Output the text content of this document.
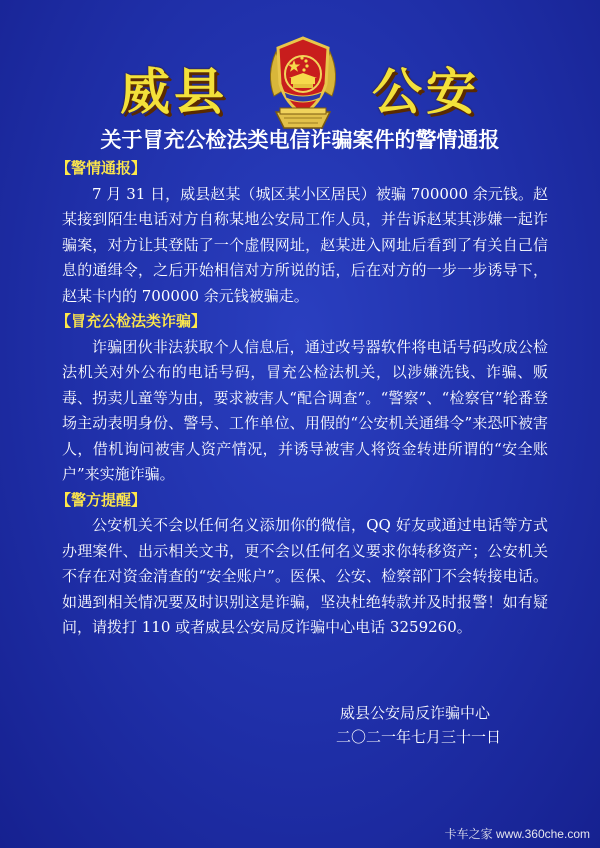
威县	公安
关于冒充公检法类电信诈骗案件的警情通报
【警情通报】

7 月 31 日，威县赵某（城区某小区居民）被骗 700000 余元钱。赵某接到陌生电话对方自称某地公安局工作人员，并告诉赵某其涉嫌一起诈骗案，对方让其登陆了一个虚假网址，赵某进入网址后看到了有关自己信息的通缉令，之后开始相信对方所说的话，后在对方的一步一步诱导下，赵某卡内的 700000 余元钱被骗走。

【冒充公检法类诈骗】

诈骗团伙非法获取个人信息后，通过改号器软件将电话号码改成公检法机关对外公布的电话号码，冒充公检法机关，以涉嫌洗钱、诈骗、贩毒、拐卖儿童等为由，要求被害人“配合调查”。“警察”、“检察官”轮番登场主动表明身份、警号、工作单位、用假的“公安机关通缉令”来恐吓被害人，借机询问被害人资产情况，并诱导被害人将资金转进所谓的“安全账户”来实施诈骗。

【警方提醒】

公安机关不会以任何名义添加你的微信，QQ 好友或通过电话等方式办理案件、出示相关文书，更不会以任何名义要求你转移资产；公安机关不存在对资金清查的“安全账户”。医保、公安、检察部门不会转接电话。如遇到相关情况要及时识别这是诈骗，坚决杜绝转款并及时报警！如有疑问，请拨打 110 或者威县公安局反诈骗中心电话 3259260。

威县公安局反诈骗中心
二〇二一年七月三十一日
卡车之家 www.360che.com
